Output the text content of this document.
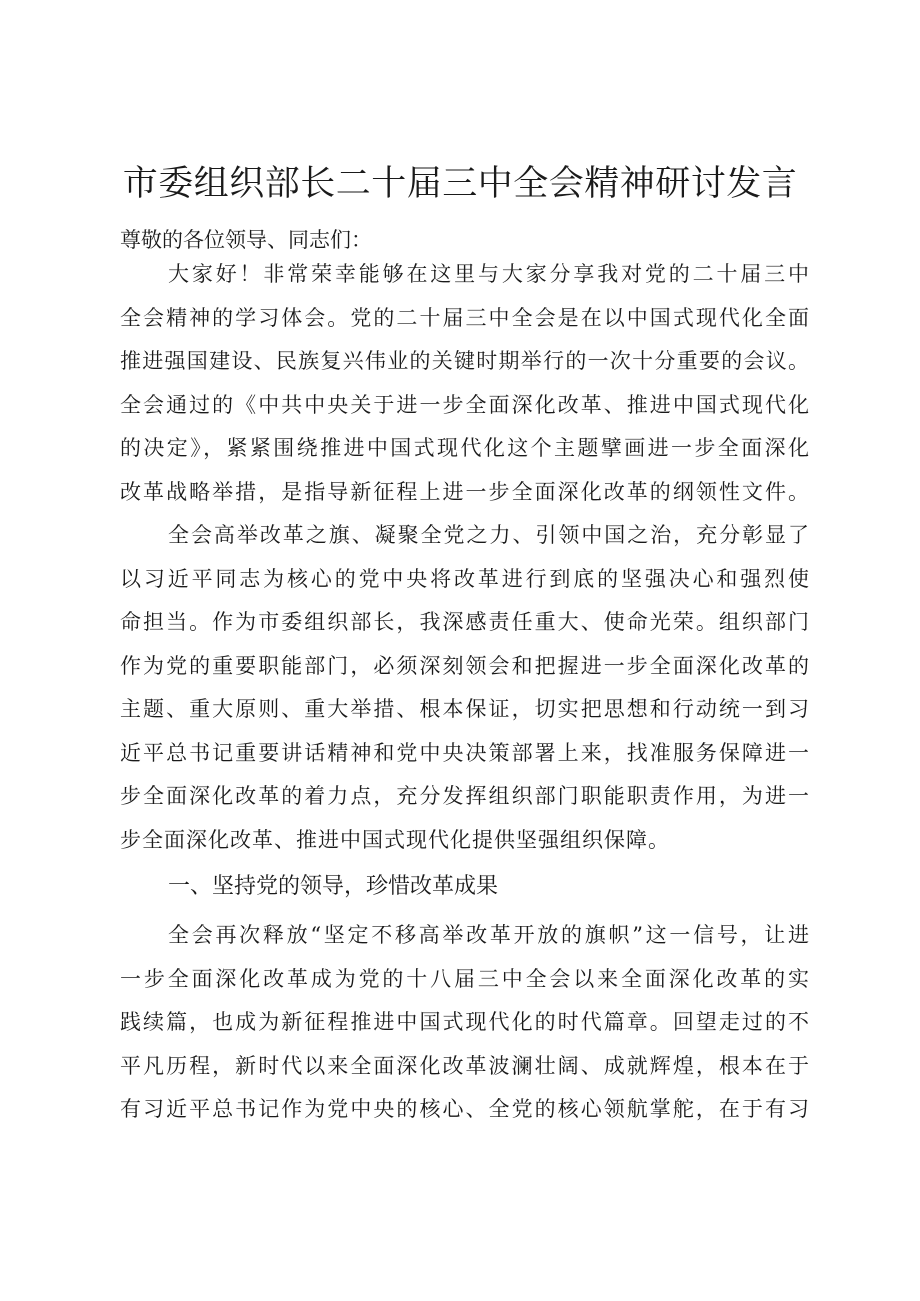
市委组织部长二十届三中全会精神研讨发言

尊敬的各位领导、同志们：

大家好！非常荣幸能够在这里与大家分享我对党的二十届三中
全会精神的学习体会。党的二十届三中全会是在以中国式现代化全面
推进强国建设、民族复兴伟业的关键时期举行的一次十分重要的会议。
全会通过的《中共中央关于进一步全面深化改革、推进中国式现代化
的决定》，紧紧围绕推进中国式现代化这个主题擘画进一步全面深化
改革战略举措，是指导新征程上进一步全面深化改革的纲领性文件。
全会高举改革之旗、凝聚全党之力、引领中国之治，充分彰显了
以习近平同志为核心的党中央将改革进行到底的坚强决心和强烈使
命担当。作为市委组织部长，我深感责任重大、使命光荣。组织部门
作为党的重要职能部门，必须深刻领会和把握进一步全面深化改革的
主题、重大原则、重大举措、根本保证，切实把思想和行动统一到习
近平总书记重要讲话精神和党中央决策部署上来，找准服务保障进一
步全面深化改革的着力点，充分发挥组织部门职能职责作用，为进一
步全面深化改革、推进中国式现代化提供坚强组织保障。
一、坚持党的领导，珍惜改革成果
全会再次释放“坚定不移高举改革开放的旗帜”这一信号，让进
一步全面深化改革成为党的十八届三中全会以来全面深化改革的实
践续篇，也成为新征程推进中国式现代化的时代篇章。回望走过的不
平凡历程，新时代以来全面深化改革波澜壮阔、成就辉煌，根本在于
有习近平总书记作为党中央的核心、全党的核心领航掌舵，在于有习
